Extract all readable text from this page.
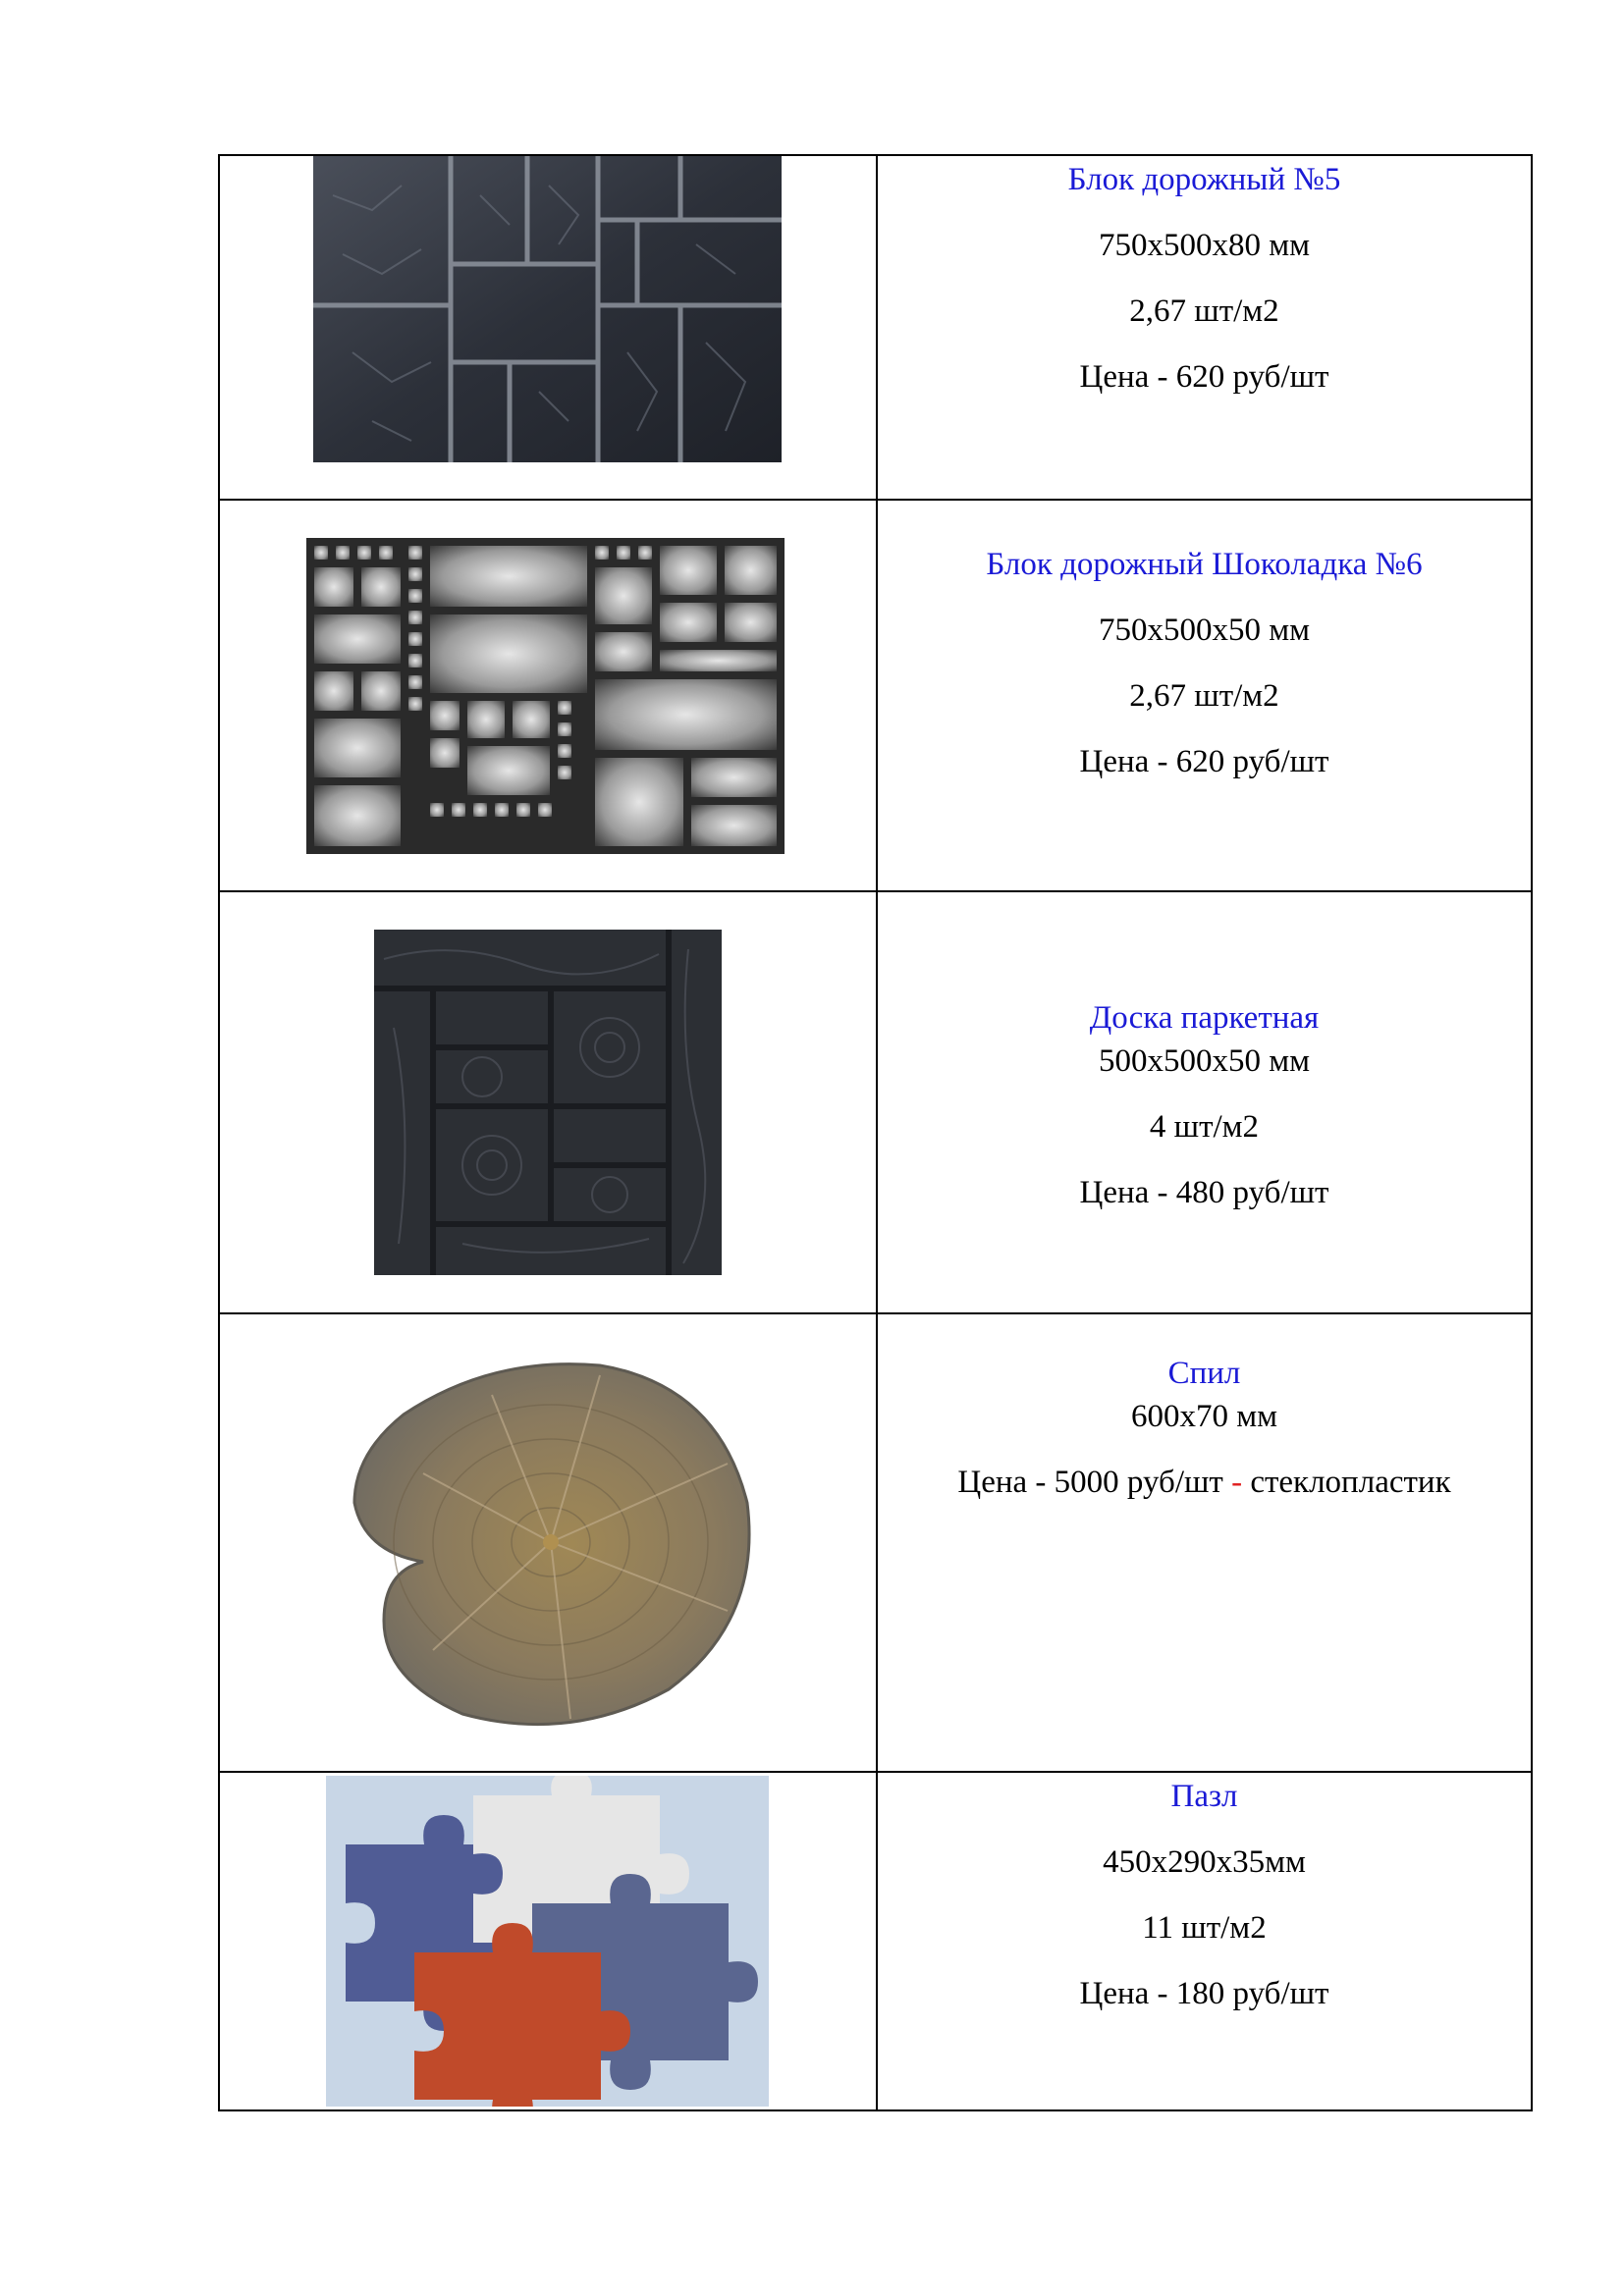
Блок дорожный №5
750х500х80 мм
2,67 шт/м2
Цена - 620 руб/шт

Блок дорожный Шоколадка №6
750х500х50 мм
2,67 шт/м2
Цена - 620 руб/шт

Доска паркетная
500х500х50 мм
4 шт/м2
Цена - 480 руб/шт

Спил
600х70 мм
Цена - 5000 руб/шт - стеклопластик

Пазл
450х290х35мм
11 шт/м2
Цена - 180 руб/шт
